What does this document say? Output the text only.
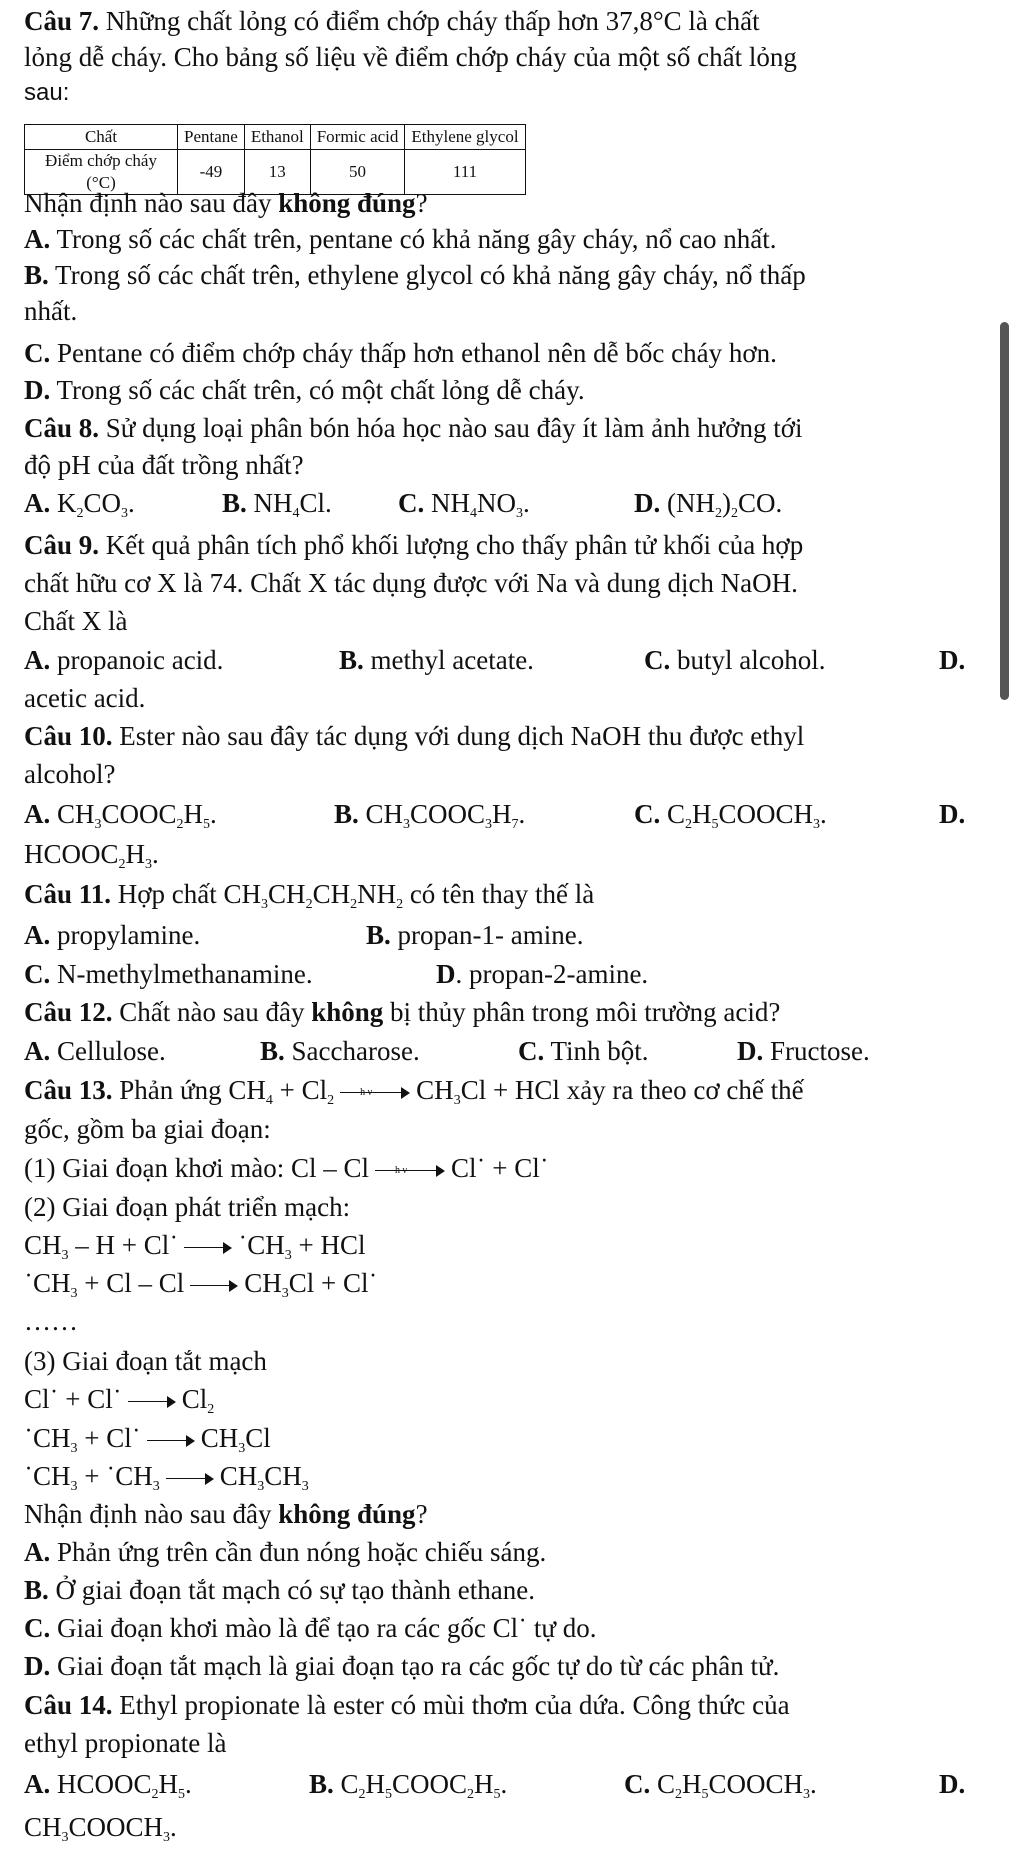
Câu 7. Những chất lỏng có điểm chớp cháy thấp hơn 37,8°C là chất
lỏng dễ cháy. Cho bảng số liệu về điểm chớp cháy của một số chất lỏng
sau:
Chất	Pentane	Ethanol	Formic acid	Ethylene glycol
Điểm chớp cháy (°C)	-49	13	50	111
Nhận định nào sau đây không đúng?
A. Trong số các chất trên, pentane có khả năng gây cháy, nổ cao nhất.
B. Trong số các chất trên, ethylene glycol có khả năng gây cháy, nổ thấp
nhất.
C. Pentane có điểm chớp cháy thấp hơn ethanol nên dễ bốc cháy hơn.
D. Trong số các chất trên, có một chất lỏng dễ cháy.
Câu 8. Sử dụng loại phân bón hóa học nào sau đây ít làm ảnh hưởng tới
độ pH của đất trồng nhất?
A. $K_2CO_3$.	B. $NH_4Cl$. C. $NH_4NO_3$.	D. $(NH_2)_2CO$.
Câu 9. Kết quả phân tích phổ khối lượng cho thấy phân tử khối của hợp
chất hữu cơ X là 74. Chất X tác dụng được với Na và dung dịch NaOH.
Chất X là
A. propanoic acid.	B. methyl acetate.	C. butyl alcohol.	D.
acetic acid.
Câu 10. Ester nào sau đây tác dụng với dung dịch NaOH thu được ethyl
alcohol?
A. $CH_3COOC_2H_5$.	B. $CH_3COOC_3H_7$.	C. $C_2H_5COOCH_3$.	D.
$HCOOC_2H_3$.
Câu 11. Hợp chất $CH_3CH_2CH_2NH_2$ có tên thay thế là
A. propylamine.	B. propan-1- amine.
C. N-methylmethanamine.	D. propan-2-amine.
Câu 12. Chất nào sau đây không bị thủy phân trong môi trường acid?
A. Cellulose.	B. Saccharose.	C. Tinh bột.	D. Fructose.
Câu 13. Phản ứng $CH_4 + Cl_2$
h ν $CH_3Cl$ + HCl xảy ra theo cơ chế thế
gốc, gồm ba giai đoạn:
(1) Giai đoạn khơi mào: Cl – Cl	h ν Cl˙ + Cl˙
(2) Giai đoạn phát triển mạch:
$CH_3$ – H + Cl˙ $˙CH_3$ + HCl
$˙CH_3 + Cl - Cl$ $CH_3Cl$ + Cl˙
……
(3) Giai đoạn tắt mạch
Cl˙ + Cl˙ $Cl_2$
$˙CH_3$ + Cl˙ $CH_3Cl$
$˙CH_3$ + $˙CH_3$ $CH_3CH_3$
Nhận định nào sau đây không đúng?
A. Phản ứng trên cần đun nóng hoặc chiếu sáng.
B. Ở giai đoạn tắt mạch có sự tạo thành ethane.
C. Giai đoạn khơi mào là để tạo ra các gốc Cl˙ tự do.
D. Giai đoạn tắt mạch là giai đoạn tạo ra các gốc tự do từ các phân tử.
Câu 14. Ethyl propionate là ester có mùi thơm của dứa. Công thức của
ethyl propionate là
A. $HCOOC_2H_5$.	B. $C_2H_5COOC_2H_5$.	C. $C_2H_5COOCH_3$.	D.
$CH_3COOCH_3$.
